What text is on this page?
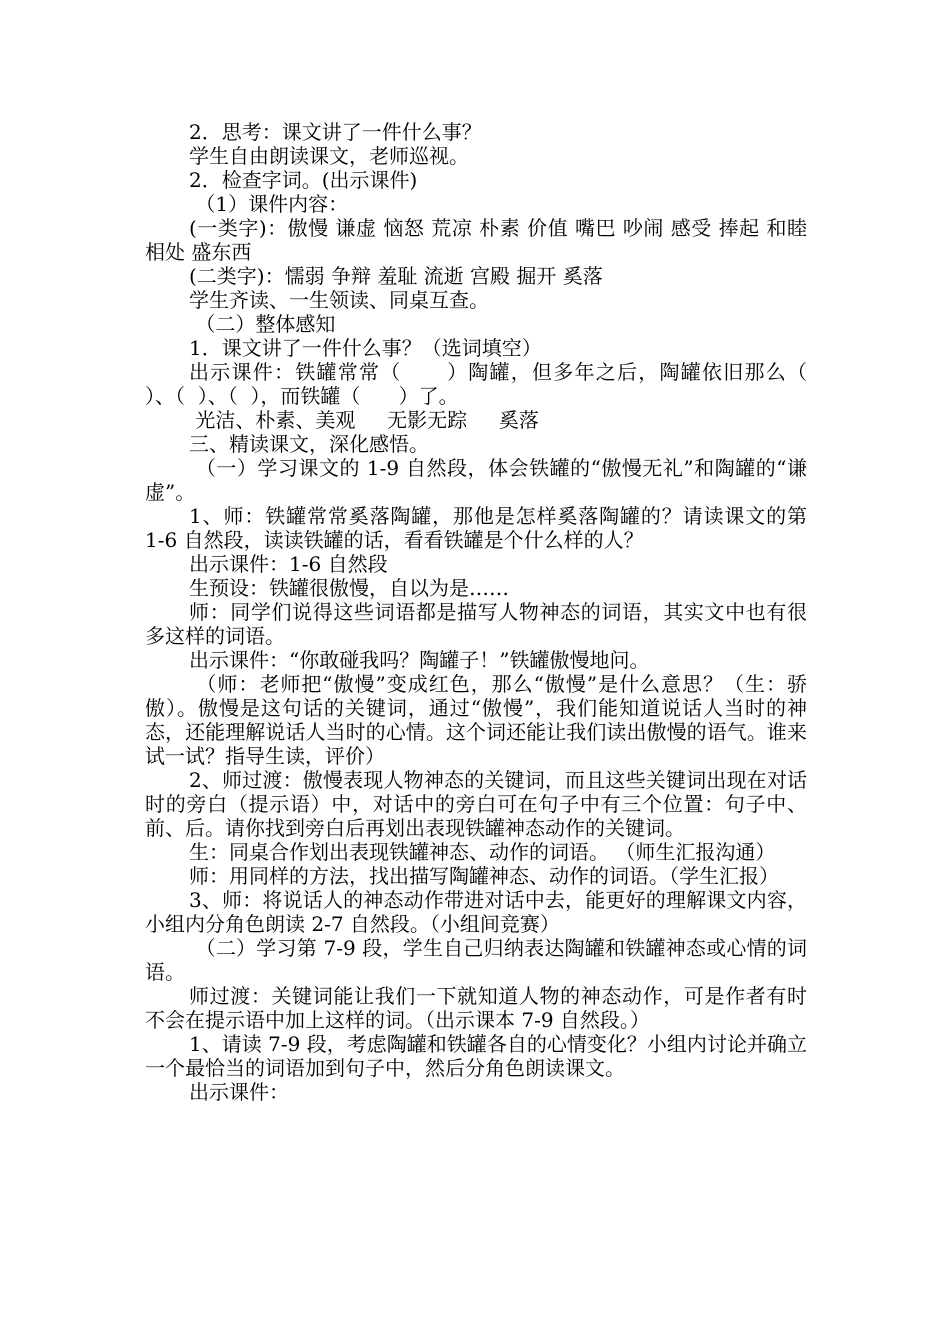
2．思考：课文讲了一件什么事？

学生自由朗读课文，老师巡视。

2．检查字词。(出示课件)

（1）课件内容：

(一类字)：傲慢 谦虚 恼怒 荒凉 朴素 价值 嘴巴 吵闹 感受 捧起 和睦相处 盛东西

(二类字)：懦弱 争辩 羞耻 流逝 宫殿 掘开 奚落

学生齐读、一生领读、同桌互查。

（二）整体感知

1．课文讲了一件什么事？（选词填空）

出示课件：铁罐常常（      ）陶罐，但多年之后，陶罐依旧那么（  ）、（  ）、（  ），而铁罐（      ）了。

光洁、朴素、美观     无影无踪     奚落

三、精读课文，深化感悟。

（一）学习课文的 1-9 自然段，体会铁罐的“傲慢无礼”和陶罐的“谦虚”。

1、师：铁罐常常奚落陶罐，那他是怎样奚落陶罐的？请读课文的第 1-6 自然段，读读铁罐的话，看看铁罐是个什么样的人？

出示课件：1-6 自然段

生预设：铁罐很傲慢，自以为是……

师：同学们说得这些词语都是描写人物神态的词语，其实文中也有很多这样的词语。

出示课件：“你敢碰我吗？陶罐子！”铁罐傲慢地问。

（师：老师把“傲慢”变成红色，那么“傲慢”是什么意思？（生：骄傲）。傲慢是这句话的关键词，通过“傲慢”，我们能知道说话人当时的神态，还能理解说话人当时的心情。这个词还能让我们读出傲慢的语气。谁来试一试？指导生读，评价）

2、师过渡：傲慢表现人物神态的关键词，而且这些关键词出现在对话时的旁白（提示语）中，对话中的旁白可在句子中有三个位置：句子中、前、后。请你找到旁白后再划出表现铁罐神态动作的关键词。

生：同桌合作划出表现铁罐神态、动作的词语。 （师生汇报沟通）

师：用同样的方法，找出描写陶罐神态、动作的词语。（学生汇报）

3、师：将说话人的神态动作带进对话中去，能更好的理解课文内容，小组内分角色朗读 2-7 自然段。（小组间竞赛）

（二）学习第 7-9 段，学生自己归纳表达陶罐和铁罐神态或心情的词语。

师过渡：关键词能让我们一下就知道人物的神态动作，可是作者有时不会在提示语中加上这样的词。（出示课本 7-9 自然段。）

1、请读 7-9 段，考虑陶罐和铁罐各自的心情变化？小组内讨论并确立一个最恰当的词语加到句子中，然后分角色朗读课文。

出示课件：
